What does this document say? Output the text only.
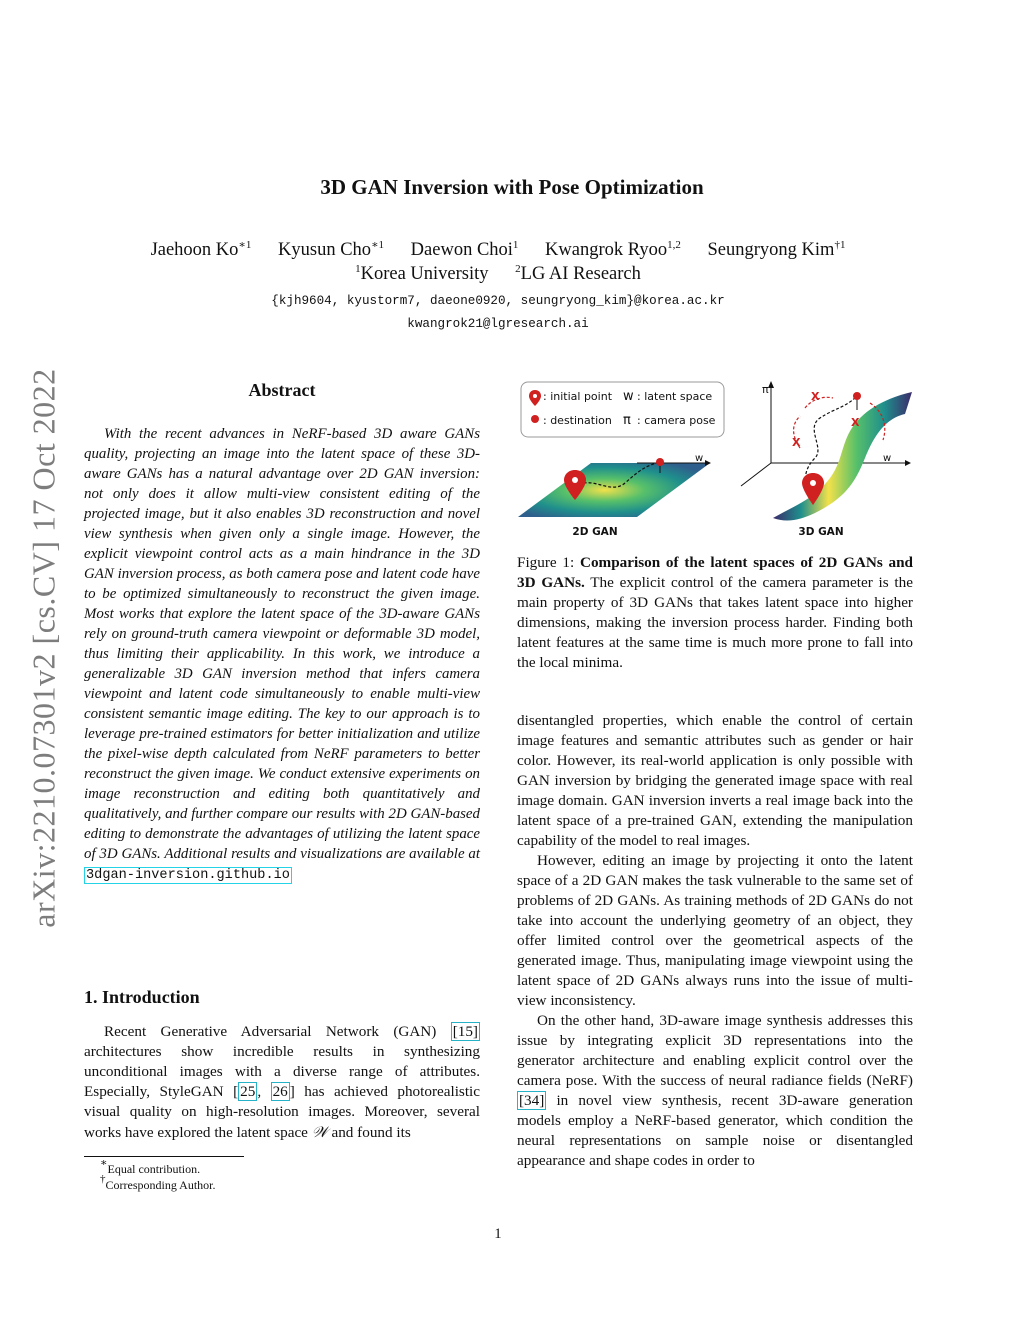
arXiv:2210.07301v2 [cs.CV] 17 Oct 2022
3D GAN Inversion with Pose Optimization
Jaehoon $Ko^{∗1}$ Kyusun Cho$^{∗1}$ Daewon Choi$^1$ Kwangrok Ryoo$^{1,2}$ Seungryong Kim$^{\dagger 1}$
$^1$Korea University $^2$LG AI Research
{kjh9604, kyustorm7, daeone0920, seungryong_kim}@korea.ac.kr
kwangrok21@lgresearch.ai
Abstract
With the recent advances in NeRF-based 3D aware GANs quality, projecting an image into the latent space of these 3D-aware GANs has a natural advantage over 2D GAN inversion: not only does it allow multi-view consistent editing of the projected image, but it also enables 3D reconstruction and novel view synthesis when given only a single image. However, the explicit viewpoint control acts as a main hindrance in the 3D GAN inversion process, as both camera pose and latent code have to be optimized simultaneously to reconstruct the given image. Most works that explore the latent space of the 3D-aware GANs rely on ground-truth camera viewpoint or deformable 3D model, thus limiting their applicability. In this work, we introduce a generalizable 3D GAN inversion method that infers camera viewpoint and latent code simultaneously to enable multi-view consistent semantic image editing. The key to our approach is to leverage pre-trained estimators for better initialization and utilize the pixel-wise depth calculated from NeRF parameters to better reconstruct the given image. We conduct extensive experiments on image reconstruction and editing both quantitatively and qualitatively, and further compare our results with 2D GAN-based editing to demonstrate the advantages of utilizing the latent space of 3D GANs. Additional results and visualizations are available at 3dgan-inversion.github.io
1. Introduction

Recent Generative Adversarial Network (GAN) [15] architectures show incredible results in synthesizing unconditional images with a diverse range of attributes. Especially, StyleGAN [ 25 , 26 ] has achieved photorealistic visual quality on high-resolution images. Moreover, several works have explored the latent space 𝒲 and found its

∗Equal contribution.
†Corresponding Author.
: initial point
: destination
w : latent space
π : camera pose
w
2D GAN
π
w
X
X
X
3D GAN
Figure 1: Comparison of the latent spaces of 2D GANs and 3D GANs. The explicit control of the camera parameter is the main property of 3D GANs that takes latent space into higher dimensions, making the inversion process harder. Finding both latent features at the same time is much more prone to fall into the local minima.

disentangled properties, which enable the control of certain image features and semantic attributes such as gender or hair color. However, its real-world application is only possible with GAN inversion by bridging the generated image space with real image domain. GAN inversion inverts a real image back into the latent space of a pre-trained GAN, extending the manipulation capability of the model to real images.

However, editing an image by projecting it onto the latent space of a 2D GAN makes the task vulnerable to the same set of problems of 2D GANs. As training methods of 2D GANs do not take into account the underlying geometry of an object, they offer limited control over the geometrical aspects of the generated image. Thus, manipulating image viewpoint using the latent space of 2D GANs always runs into the issue of multi-view inconsistency.

On the other hand, 3D-aware image synthesis addresses this issue by integrating explicit 3D representations into the generator architecture and enabling explicit control over the camera pose. With the success of neural radiance fields (NeRF) [34] in novel view synthesis, recent 3D-aware generation models employ a NeRF-based generator, which condition the neural representations on sample noise or disentangled appearance and shape codes in order to

1
